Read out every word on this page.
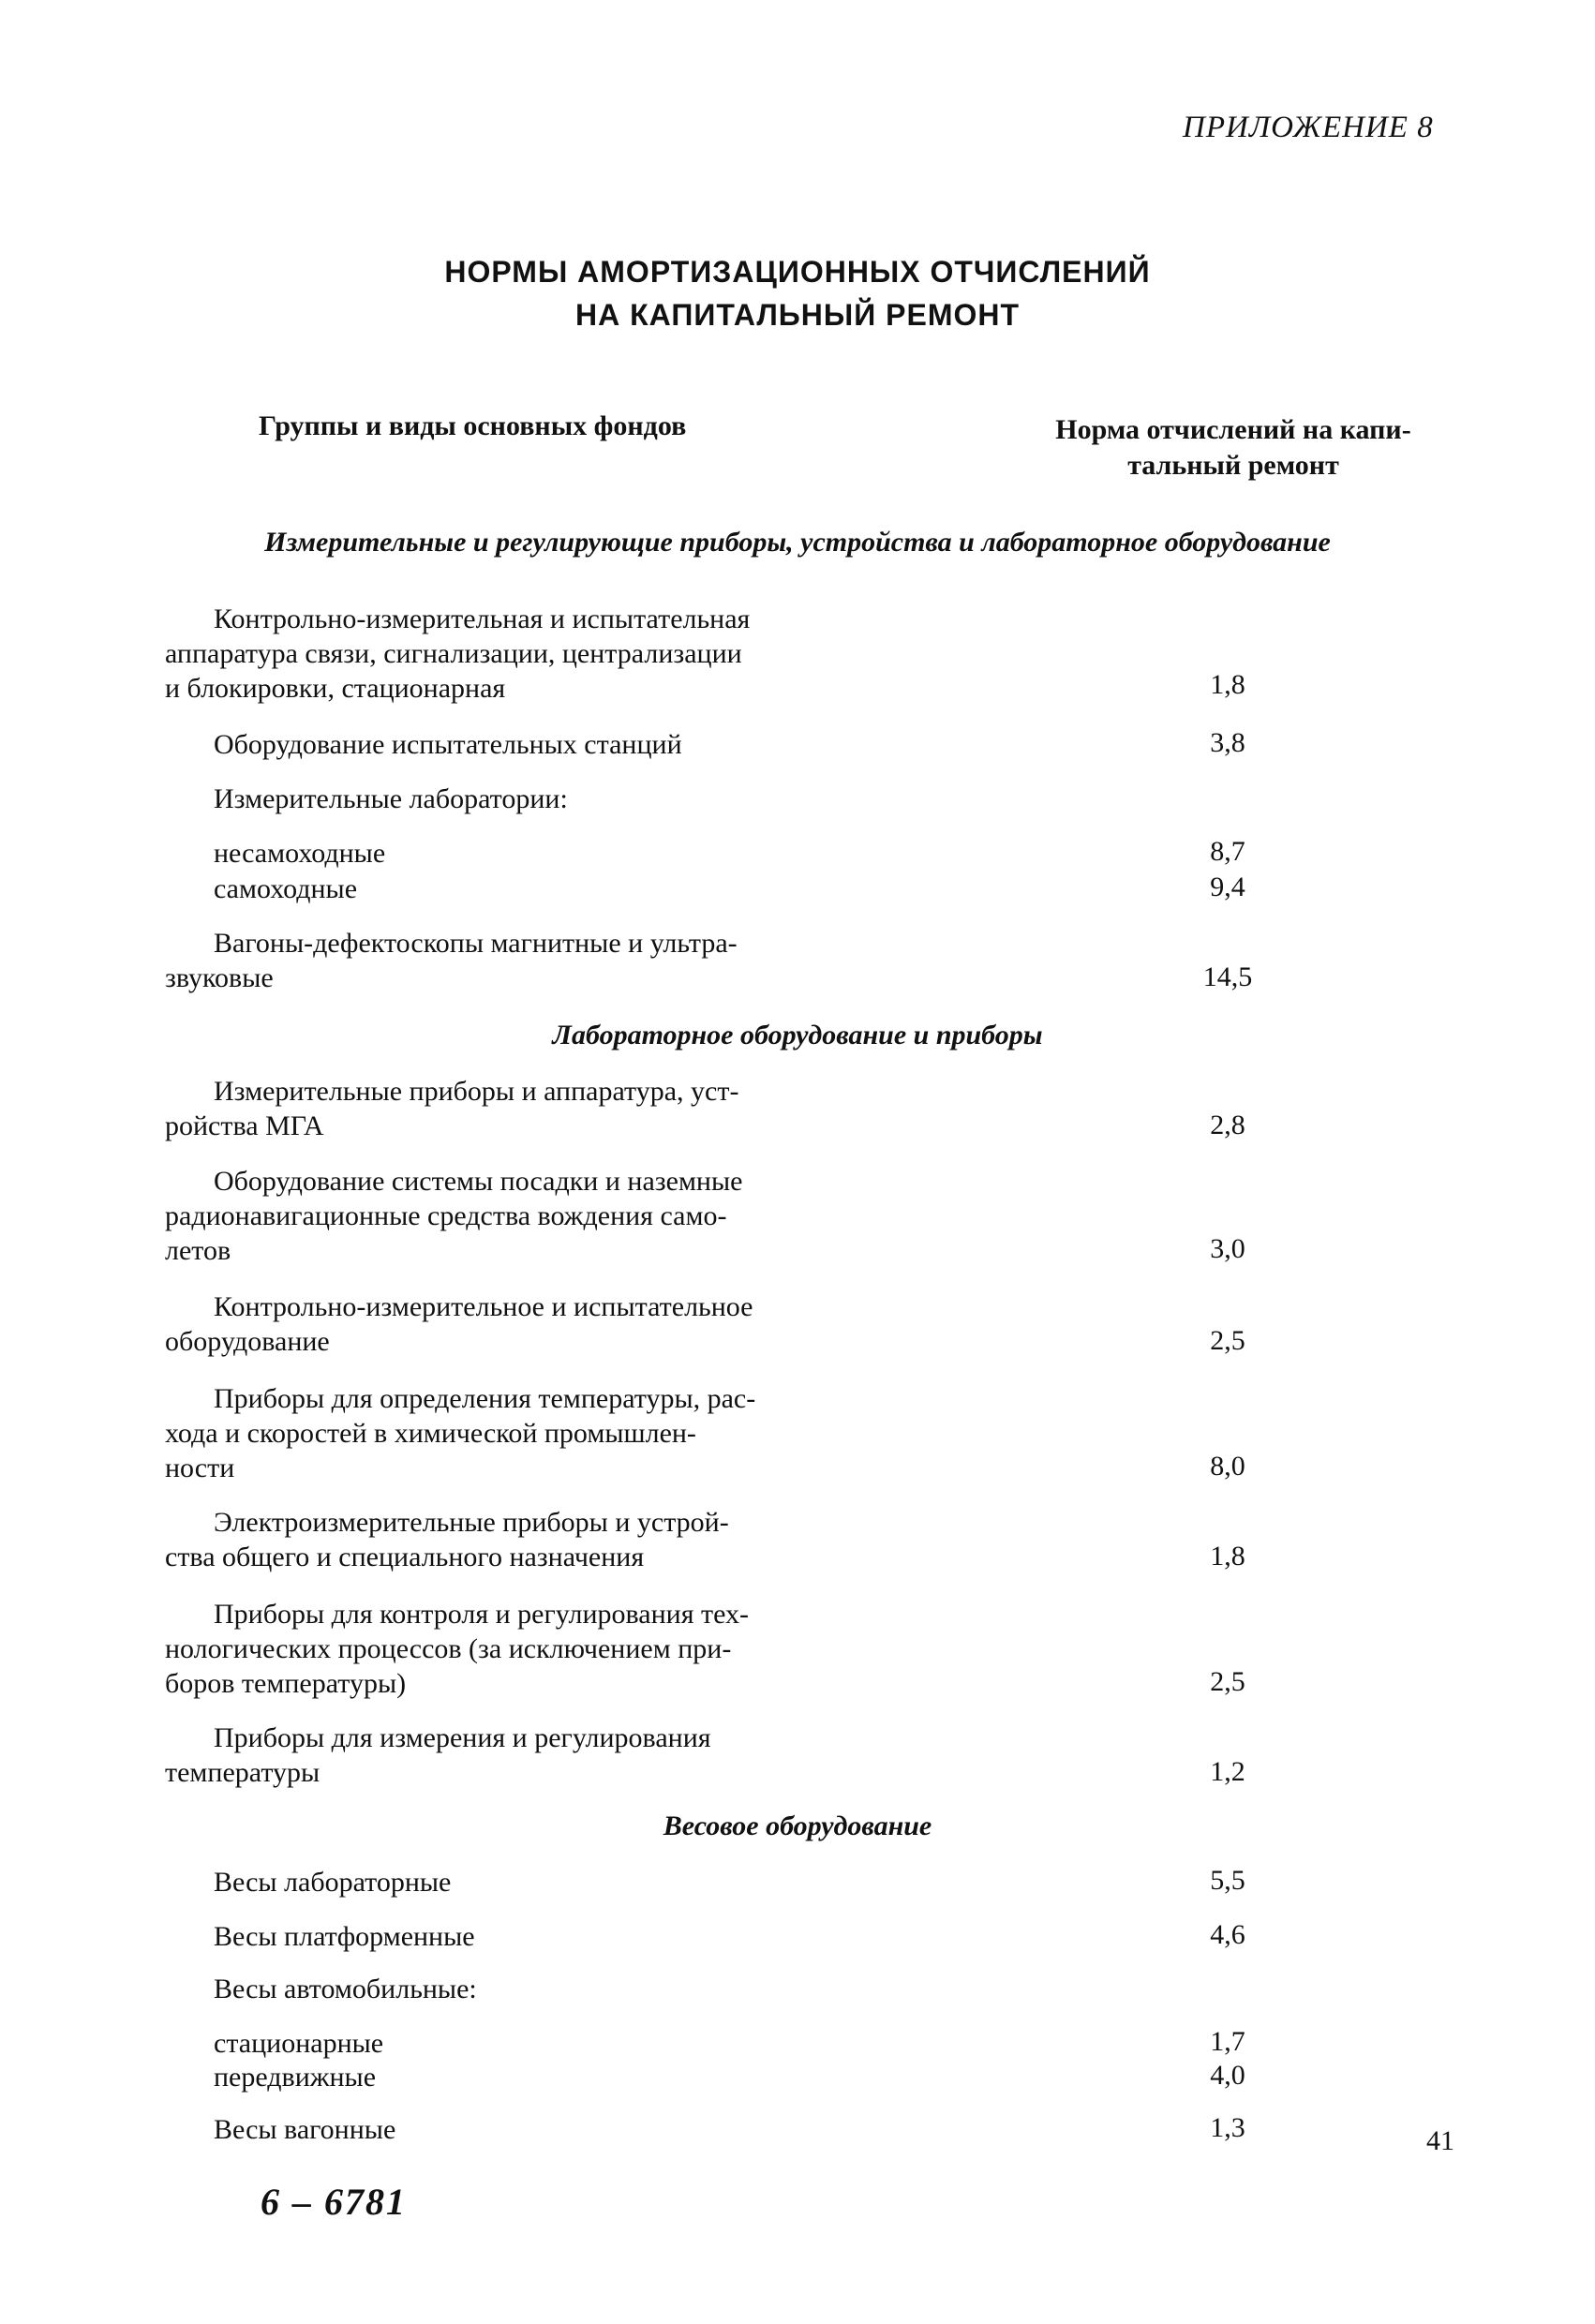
ПРИЛОЖЕНИЕ 8
НОРМЫ АМОРТИЗАЦИОННЫХ ОТЧИСЛЕНИЙ
НА КАПИТАЛЬНЫЙ РЕМОНТ
Группы и виды основных фондов	Норма отчислений на капи-
тальный ремонт
Измерительные и регулирующие приборы, устройства и лабораторное оборудование
Контрольно-измерительная и испытательная
аппаратура связи, сигнализации, централизации
и блокировки, стационарная	1,8
Оборудование испытательных станций	3,8
Измерительные лаборатории:
несамоходные	8,7
самоходные	9,4
Вагоны-дефектоскопы магнитные и ультра-
звуковые	14,5
Лабораторное оборудование и приборы
Измерительные приборы и аппаратура, уст-
ройства МГА	2,8
Оборудование системы посадки и наземные
радионавигационные средства вождения само-
летов	3,0
Контрольно-измерительное и испытательное
оборудование	2,5
Приборы для определения температуры, рас-
хода и скоростей в химической промышлен-
ности	8,0
Электроизмерительные приборы и устрой-
ства общего и специального назначения	1,8
Приборы для контроля и регулирования тех-
нологических процессов (за исключением при-
боров температуры)	2,5
Приборы для измерения и регулирования
температуры	1,2
Весовое оборудование
Весы лабораторные	5,5
Весы платформенные	4,6
Весы автомобильные:
стационарные	1,7
передвижные	4,0
Весы вагонные	1,3
6 – 6781
41
